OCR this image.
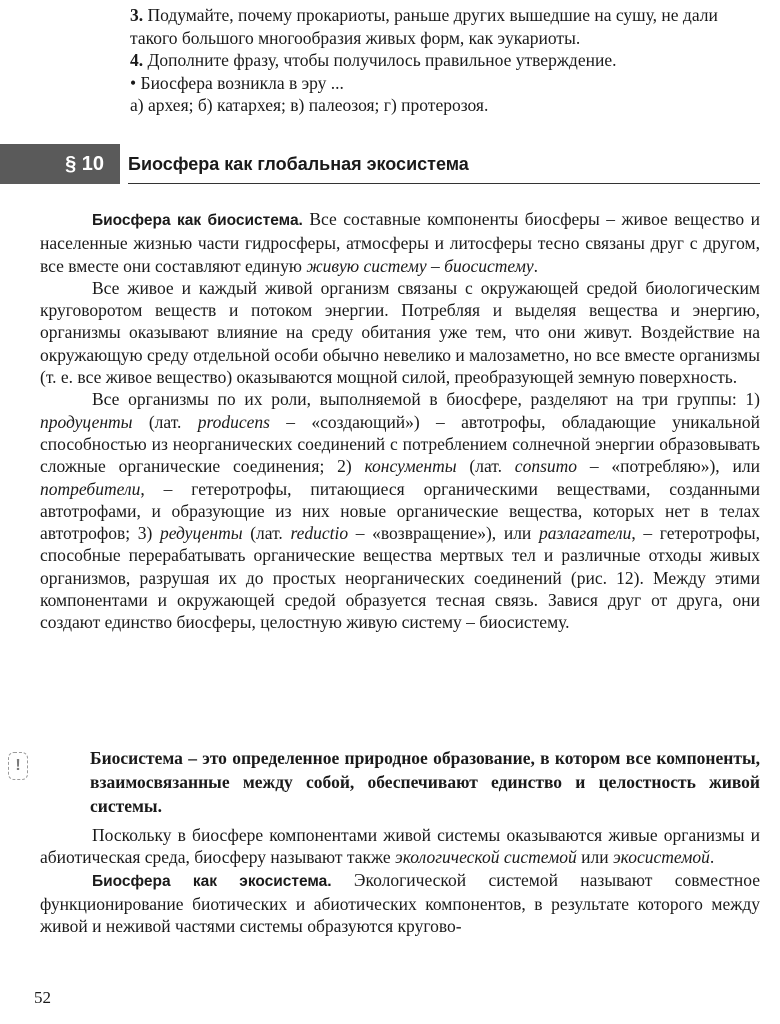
3. Подумайте, почему прокариоты, раньше других вышедшие на сушу, не дали такого большого многообразия живых форм, как эукариоты.

4. Дополните фразу, чтобы получилось правильное утверждение.

• Биосфера возникла в эру ...

а) архея; б) катархея; в) палеозоя; г) протерозоя.

§ 10	Биосфера как глобальная экосистема

Биосфера как биосистема. Все составные компоненты биосферы – живое вещество и населенные жизнью части гидросферы, атмосферы и литосферы тесно связаны друг с другом, все вместе они составляют единую живую систему – биосистему.

Все живое и каждый живой организм связаны с окружающей средой биологическим круговоротом веществ и потоком энергии. Потребляя и выделяя вещества и энергию, организмы оказывают влияние на среду обитания уже тем, что они живут. Воздействие на окружающую среду отдельной особи обычно невелико и малозаметно, но все вместе организмы (т. е. все живое вещество) оказываются мощной силой, преобразующей земную поверхность.

Все организмы по их роли, выполняемой в биосфере, разделяют на три группы: 1) продуценты (лат. producens – «создающий») – автотрофы, обладающие уникальной способностью из неорганических соединений с потреблением солнечной энергии образовывать сложные органические соединения; 2) консументы (лат. consumo – «потребляю»), или потребители, – гетеротрофы, питающиеся органическими веществами, созданными автотрофами, и образующие из них новые органические вещества, которых нет в телах автотрофов; 3) редуценты (лат. reductio – «возвращение»), или разлагатели, – гетеротрофы, способные перерабатывать органические вещества мертвых тел и различные отходы живых организмов, разрушая их до простых неорганических соединений (рис. 12). Между этими компонентами и окружающей средой образуется тесная связь. Завися друг от друга, они создают единство биосферы, целостную живую систему – биосистему.

!	Биосистема – это определенное природное образование, в котором все компоненты, взаимосвязанные между собой, обеспечивают единство и целостность живой системы.

Поскольку в биосфере компонентами живой системы оказываются живые организмы и абиотическая среда, биосферу называют также экологической системой или экосистемой.

Биосфера как экосистема. Экологической системой называют совместное функционирование биотических и абиотических компонентов, в результате которого между живой и неживой частями системы образуются кругово-

52
